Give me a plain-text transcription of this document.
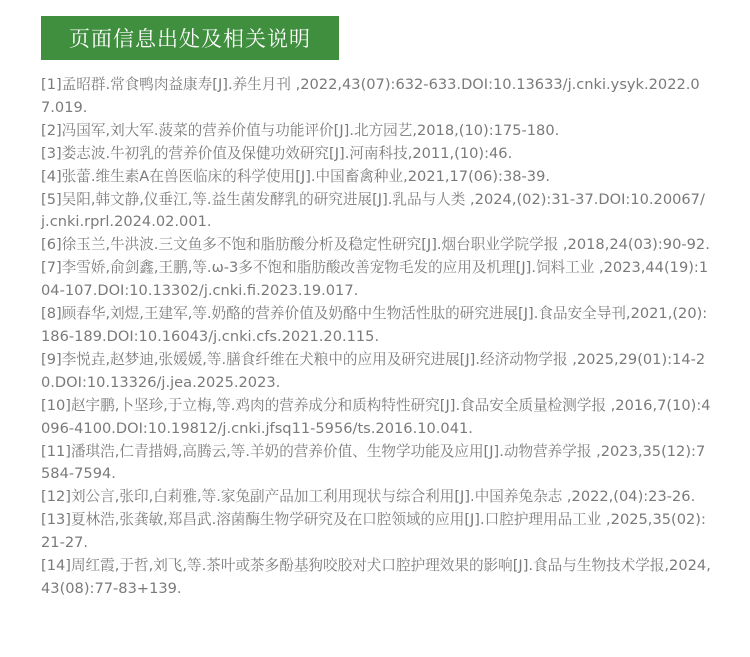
页面信息出处及相关说明
[1]孟昭群.常食鸭肉益康寿[J].养生月刊 ,2022,43(07):632-633.DOI:10.13633/j.cnki.ysyk.2022.07.019.
[2]冯国军,刘大军.菠菜的营养价值与功能评价[J].北方园艺,2018,(10):175-180.
[3]娄志波.牛初乳的营养价值及保健功效研究[J].河南科技,2011,(10):46.
[4]张蕾.维生素A在兽医临床的科学使用[J].中国畜禽种业,2021,17(06):38-39.
[5]吴阳,韩文静,仪垂江,等.益生菌发酵乳的研究进展[J].乳品与人类 ,2024,(02):31-37.DOI:10.20067/j.cnki.rprl.2024.02.001.
[6]徐玉兰,牛洪波.三文鱼多不饱和脂肪酸分析及稳定性研究[J].烟台职业学院学报 ,2018,24(03):90-92.
[7]李雪娇,俞剑鑫,王鹏,等.ω-3多不饱和脂肪酸改善宠物毛发的应用及机理[J].饲料工业 ,2023,44(19):104-107.DOI:10.13302/j.cnki.fi.2023.19.017.
[8]顾春华,刘煜,王建军,等.奶酪的营养价值及奶酪中生物活性肽的研究进展[J].食品安全导刊,2021,(20):186-189.DOI:10.16043/j.cnki.cfs.2021.20.115.
[9]李悦垚,赵梦迪,张媛媛,等.膳食纤维在犬粮中的应用及研究进展[J].经济动物学报 ,2025,29(01):14-20.DOI:10.13326/j.jea.2025.2023.
[10]赵宇鹏,卜坚珍,于立梅,等.鸡肉的营养成分和质构特性研究[J].食品安全质量检测学报 ,2016,7(10):4096-4100.DOI:10.19812/j.cnki.jfsq11-5956/ts.2016.10.041.
[11]潘琪浩,仁青措姆,高腾云,等.羊奶的营养价值、生物学功能及应用[J].动物营养学报 ,2023,35(12):7584-7594.
[12]刘公言,张印,白莉雅,等.家兔副产品加工利用现状与综合利用[J].中国养兔杂志 ,2022,(04):23-26.
[13]夏林浩,张龚敏,郑昌武.溶菌酶生物学研究及在口腔领域的应用[J].口腔护理用品工业 ,2025,35(02):21-27.
[14]周红霞,于哲,刘飞,等.茶叶或茶多酚基狗咬胶对犬口腔护理效果的影响[J].食品与生物技术学报,2024,43(08):77-83+139.
